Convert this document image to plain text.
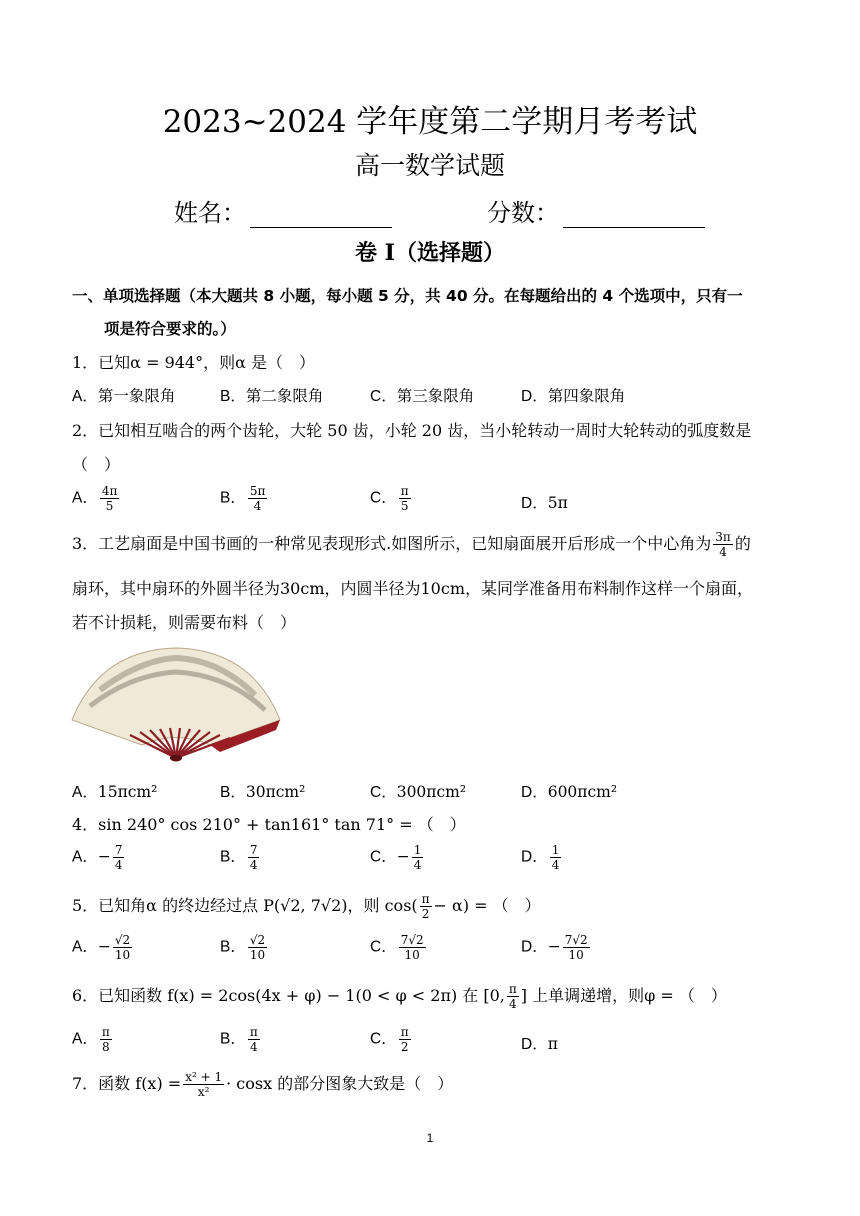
2023~2024 学年度第二学期月考考试
高一数学试题
姓名：	分数：
卷 I（选择题）
一、单项选择题（本大题共 8 小题，每小题 5 分，共 40 分。在每题给出的 4 个选项中，只有一
项是符合要求的。）
1．已知α = 944°，则α 是（　）
A．第一象限角	B．第二象限角	C．第三象限角	D．第四象限角
2．已知相互啮合的两个齿轮，大轮 50 齿，小轮 20 齿，当小轮转动一周时大轮转动的弧度数是
（　）
A． $\frac{4\pi}{5}$	B． $\frac{5\pi}{4}$	C． $\frac{\pi}{5}$	D．5π
3．工艺扇面是中国书画的一种常见表现形式.如图所示，已知扇面展开后形成一个中心角为 $\frac{3\pi}{4}$ 的
扇环，其中扇环的外圆半径为30cm，内圆半径为10cm，某同学准备用布料制作这样一个扇面，
若不计损耗，则需要布料（　）
A．15πcm²	B．30πcm²	C．300πcm²	D．600πcm²
4．sin 240° cos 210° + tan161° tan 71° = （　）
A．− $\frac{7}{4}$	B． $\frac{7}{4}$	C．− $\frac{1}{4}$	D． $\frac{1}{4}$
5．已知角α 的终边经过点 P(√2, 7√2)，则 $\cos( \frac{\pi}{2} - \alpha)$ = （　）
A．− $\frac{√2}{10}$	B． $\frac{√2}{10}$	C． $\frac{7√2}{10}$	D．− $\frac{7√2}{10}$
6．已知函数 f(x) = 2cos(4x + φ) − 1(0 < φ < 2π) 在 [0, $\frac{\pi}{4}$ ] 上单调递增，则φ = （　）
A． $\frac{\pi}{8}$	B． $\frac{\pi}{4}$	C． $\frac{\pi}{2}$	D．π
7．函数 $f(x) = \frac{\text{x² + 1}}{\text{x²}} \cdot \cos x$ 的部分图象大致是（　）
1
